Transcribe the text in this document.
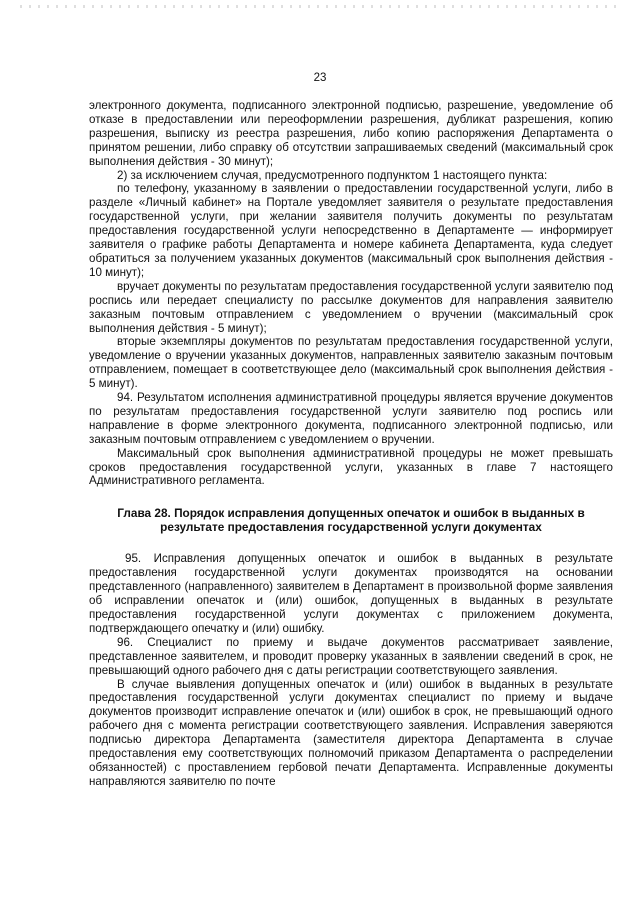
23

электронного документа, подписанного электронной подписью, разрешение, уведомление об отказе в предоставлении или переоформлении разрешения, дубликат разрешения, копию разрешения, выписку из реестра разрешения, либо копию распоряжения Департамента о принятом решении, либо справку об отсутствии запрашиваемых сведений (максимальный срок выполнения действия - 30 минут);

2) за исключением случая, предусмотренного подпунктом 1 настоящего пункта:

по телефону, указанному в заявлении о предоставлении государственной услуги, либо в разделе «Личный кабинет» на Портале уведомляет заявителя о результате предоставления государственной услуги, при желании заявителя получить документы по результатам предоставления государственной услуги непосредственно в Департаменте — информирует заявителя о графике работы Департамента и номере кабинета Департамента, куда следует обратиться за получением указанных документов (максимальный срок выполнения действия - 10 минут);

вручает документы по результатам предоставления государственной услуги заявителю под роспись или передает специалисту по рассылке документов для направления заявителю заказным почтовым отправлением с уведомлением о вручении (максимальный срок выполнения действия - 5 минут);

вторые экземпляры документов по результатам предоставления государственной услуги, уведомление о вручении указанных документов, направленных заявителю заказным почтовым отправлением, помещает в соответствующее дело (максимальный срок выполнения действия - 5 минут).

94. Результатом исполнения административной процедуры является вручение документов по результатам предоставления государственной услуги заявителю под роспись или направление в форме электронного документа, подписанного электронной подписью, или заказным почтовым отправлением с уведомлением о вручении.

Максимальный срок выполнения административной процедуры не может превышать сроков предоставления государственной услуги, указанных в главе 7 настоящего Административного регламента.

Глава 28. Порядок исправления допущенных опечаток и ошибок в выданных в результате предоставления государственной услуги документах

95. Исправления допущенных опечаток и ошибок в выданных в результате предоставления государственной услуги документах производятся на основании представленного (направленного) заявителем в Департамент в произвольной форме заявления об исправлении опечаток и (или) ошибок, допущенных в выданных в результате предоставления государственной услуги документах с приложением документа, подтверждающего опечатку и (или) ошибку.

96. Специалист по приему и выдаче документов рассматривает заявление, представленное заявителем, и проводит проверку указанных в заявлении сведений в срок, не превышающий одного рабочего дня с даты регистрации соответствующего заявления.

В случае выявления допущенных опечаток и (или) ошибок в выданных в результате предоставления государственной услуги документах специалист по приему и выдаче документов производит исправление опечаток и (или) ошибок в срок, не превышающий одного рабочего дня с момента регистрации соответствующего заявления. Исправления заверяются подписью директора Департамента (заместителя директора Департамента в случае предоставления ему соответствующих полномочий приказом Департамента о распределении обязанностей) с проставлением гербовой печати Департамента. Исправленные документы направляются заявителю по почте
